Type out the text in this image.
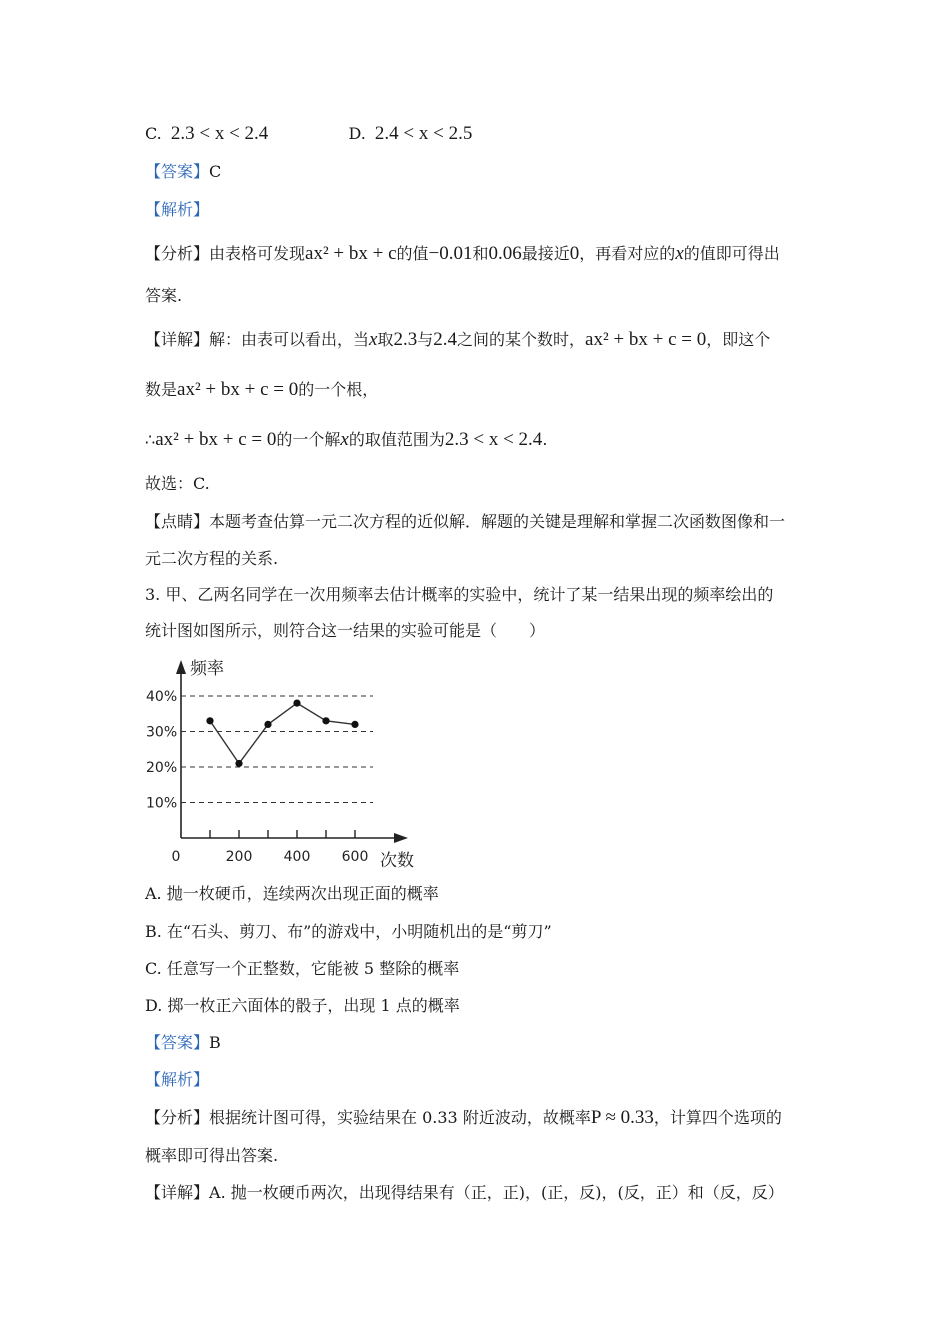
C. 2.3 < x < 2.4	D. 2.4 < x < 2.5
【答案】C
【解析】
【分析】由表格可发现ax² + bx + c的值−0.01和0.06最接近0，再看对应的x的值即可得出
答案.
【详解】解：由表可以看出，当x取2.3与2.4之间的某个数时，ax² + bx + c = 0，即这个
数是ax² + bx + c = 0的一个根，
∴ax² + bx + c = 0的一个解x的取值范围为2.3 < x < 2.4.
故选：C.
【点睛】本题考查估算一元二次方程的近似解．解题的关键是理解和掌握二次函数图像和一
元二次方程的关系.
3. 甲、乙两名同学在一次用频率去估计概率的实验中，统计了某一结果出现的频率绘出的
统计图如图所示，则符合这一结果的实验可能是（　　）
0	200 400 600
10%
20%
30%
40%
频率
次数
A. 抛一枚硬币，连续两次出现正面的概率
B. 在“石头、剪刀、布”的游戏中，小明随机出的是“剪刀”
C. 任意写一个正整数，它能被 5 整除的概率
D. 掷一枚正六面体的骰子，出现 1 点的概率
【答案】B
【解析】
【分析】根据统计图可得，实验结果在 0.33 附近波动，故概率P ≈ 0.33，计算四个选项的
概率即可得出答案.
【详解】A. 抛一枚硬币两次，出现得结果有（正，正)，(正，反)，(反，正）和（反，反）
